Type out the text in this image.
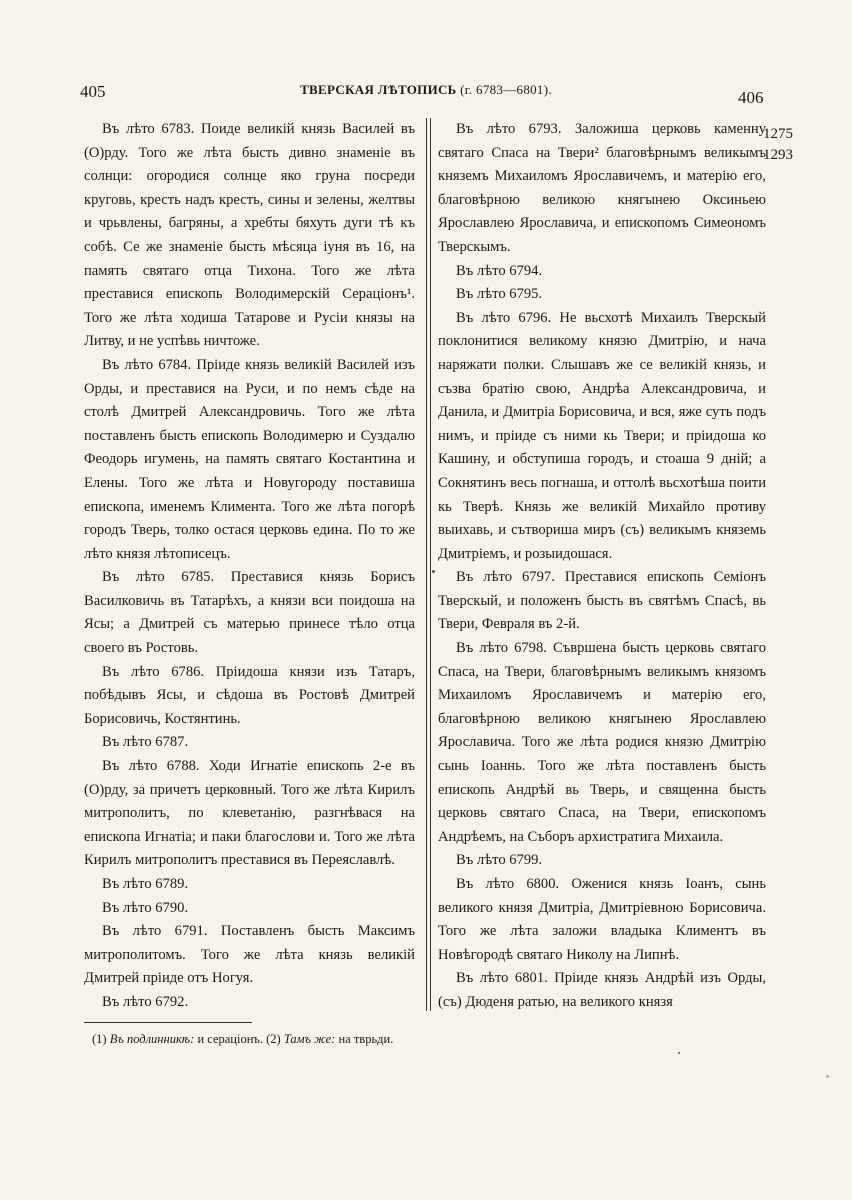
405	ТВЕРСКАЯ ЛѢТОПИСЬ (г. 6783—6801).	406

Въ лѣто 6783. Поиде великій князь Василей въ (О)рду. Того же лѣта бысть дивно знаменіе въ солнци: огородися солнце яко груна посреди круговь, кресть надъ кресть, сины и зелены, желтвы и чрьвлены, багряны, а хребты бяхуть дуги тѣ къ собѣ. Се же знаменіе бысть мѣсяца іуня въ 16, на память святаго отца Тихона. Того же лѣта преставися епископь Володимерскій Сераціонъ¹. Того же лѣта ходиша Татарове и Русіи князы на Литву, и не успѣвь ничтоже.

Въ лѣто 6784. Пріиде князь великій Василей изъ Орды, и преставися на Руси, и по немъ сѣде на столѣ Дмитрей Александровичь. Того же лѣта поставленъ бысть епископь Володимерю и Суздалю Феодорь игумень, на память святаго Костантина и Елены. Того же лѣта и Новугороду поставиша епископа, именемъ Климента. Того же лѣта погорѣ городъ Тверь, толко остася церковь едина. По то же лѣто князя лѣтописецъ.

Въ лѣто 6785. Преставися князь Борисъ Василковичь въ Татарѣхъ, а князи вси поидоша на Ясы; а Дмитрей съ матерью принесе тѣло отца своего въ Ростовь.

Въ лѣто 6786. Пріидоша князи изъ Татаръ, побѣдывъ Ясы, и сѣдоша въ Ростовѣ Дмитрей Борисовичь, Костянтинь.

Въ лѣто 6787.

Въ лѣто 6788. Ходи Игнатіе епископь 2-е въ (О)рду, за причетъ церковный. Того же лѣта Кирилъ митрополитъ, по клеветанію, разгнѣвася на епископа Игнатіа; и паки благослови и. Того же лѣта Кирилъ митрополитъ преставися въ Переяславлѣ.

Въ лѣто 6789.

Въ лѣто 6790.

Въ лѣто 6791. Поставленъ бысть Максимъ митрополитомъ. Того же лѣта князь великій Дмитрей пріиде отъ Ногуя.

Въ лѣто 6792.

Въ лѣто 6793. Заложиша церковь каменну святаго Спаса на Твери² благовѣрнымъ великымъ княземъ Михаиломъ Ярославичемъ, и матерію его, благовѣрною великою княгынею Оксиньею Ярославлею Ярославича, и епископомъ Симеономъ Тверскымъ.

Въ лѣто 6794.

Въ лѣто 6795.

Въ лѣто 6796. Не вьсхотѣ Михаилъ Тверскый поклонитися великому князю Дмитрію, и нача наряжати полки. Слышавъ же се великій князь, и съзва братію свою, Андрѣа Александровича, и Данила, и Дмитріа Борисовича, и вся, яже суть подъ нимъ, и пріиде съ ними кь Твери; и пріидоша ко Кашину, и обступиша городъ, и стоаша 9 дній; а Сокнятинъ весь погнаша, и оттолѣ вьсхотѣша поити кь Тверѣ. Князь же великій Михайло противу выихавь, и сътвориша миръ (съ) великымъ княземь Дмитріемъ, и розыидошася.

Въ лѣто 6797. Преставися епископь Семіонъ Тверскый, и положенъ бысть въ святѣмъ Спасѣ, вь Твери, Февраля въ 2-й.

Въ лѣто 6798. Съвршена бысть церковь святаго Спаса, на Твери, благовѣрнымъ великымъ князомъ Михаиломъ Ярославичемъ и матерію его, благовѣрною великою княгынею Ярославлею Ярославича. Того же лѣта родися князю Дмитрію сынь Іоаннь. Того же лѣта поставленъ бысть епископь Андрѣй вь Тверь, и священна бысть церковь святаго Спаса, на Твери, епископомъ Андрѣемъ, на Съборъ архистратига Михаила.

Въ лѣто 6799.

Въ лѣто 6800. Оженися князь Іоанъ, сынь великого князя Дмитріа, Дмитріевною Борисовича. Того же лѣта заложи владыка Климентъ въ Новѣгородѣ святаго Николу на Липнѣ.

Въ лѣто 6801. Пріиде князь Андрѣй изъ Орды, (съ) Дюденя ратью, на великого князя

1275
1293
(1) Въ подлинникѣ: и сераціонъ. (2) Тамъ же: на тврьди.
